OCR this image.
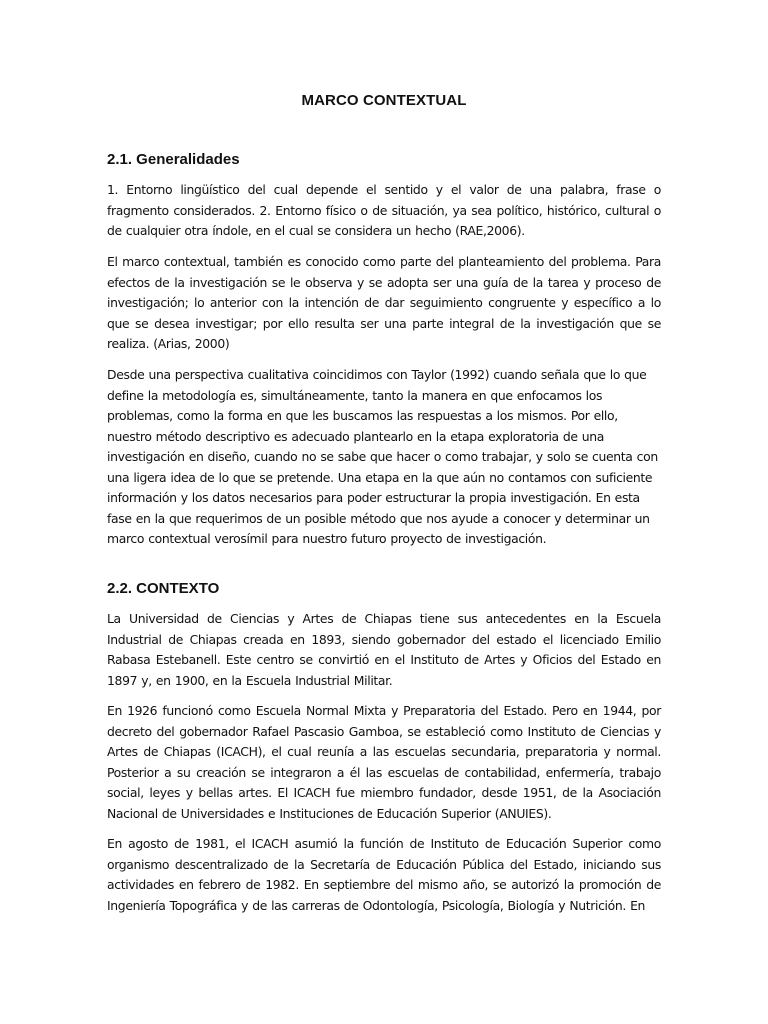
MARCO CONTEXTUAL
2.1. Generalidades

1. Entorno lingüístico del cual depende el sentido y el valor de una palabra, frase o fragmento considerados. 2. Entorno físico o de situación, ya sea político, histórico, cultural o de cualquier otra índole, en el cual se considera un hecho (RAE,2006).

El marco contextual, también es conocido como parte del planteamiento del problema. Para efectos de la investigación se le observa y se adopta ser una guía de la tarea y proceso de investigación; lo anterior con la intención de dar seguimiento congruente y específico a lo que se desea investigar; por ello resulta ser una parte integral de la investigación que se realiza. (Arias, 2000)

Desde una perspectiva cualitativa coincidimos con Taylor (1992) cuando señala que lo que define la metodología es, simultáneamente, tanto la manera en que enfocamos los problemas, como la forma en que les buscamos las respuestas a los mismos. Por ello, nuestro método descriptivo es adecuado plantearlo en la etapa exploratoria de una investigación en diseño, cuando no se sabe que hacer o como trabajar, y solo se cuenta con una ligera idea de lo que se pretende. Una etapa en la que aún no contamos con suficiente información y los datos necesarios para poder estructurar la propia investigación. En esta fase en la que requerimos de un posible método que nos ayude a conocer y determinar un marco contextual verosímil para nuestro futuro proyecto de investigación.

2.2. CONTEXTO

La Universidad de Ciencias y Artes de Chiapas tiene sus antecedentes en la Escuela Industrial de Chiapas creada en 1893, siendo gobernador del estado el licenciado Emilio Rabasa Estebanell. Este centro se convirtió en el Instituto de Artes y Oficios del Estado en 1897 y, en 1900, en la Escuela Industrial Militar.

En 1926 funcionó como Escuela Normal Mixta y Preparatoria del Estado. Pero en 1944, por decreto del gobernador Rafael Pascasio Gamboa, se estableció como Instituto de Ciencias y Artes de Chiapas (ICACH), el cual reunía a las escuelas secundaria, preparatoria y normal. Posterior a su creación se integraron a él las escuelas de contabilidad, enfermería, trabajo social, leyes y bellas artes. El ICACH fue miembro fundador, desde 1951, de la Asociación Nacional de Universidades e Instituciones de Educación Superior (ANUIES).

En agosto de 1981, el ICACH asumió la función de Instituto de Educación Superior como organismo descentralizado de la Secretaría de Educación Pública del Estado, iniciando sus actividades en febrero de 1982. En septiembre del mismo año, se autorizó la promoción de Ingeniería Topográfica y de las carreras de Odontología, Psicología, Biología y Nutrición. En
